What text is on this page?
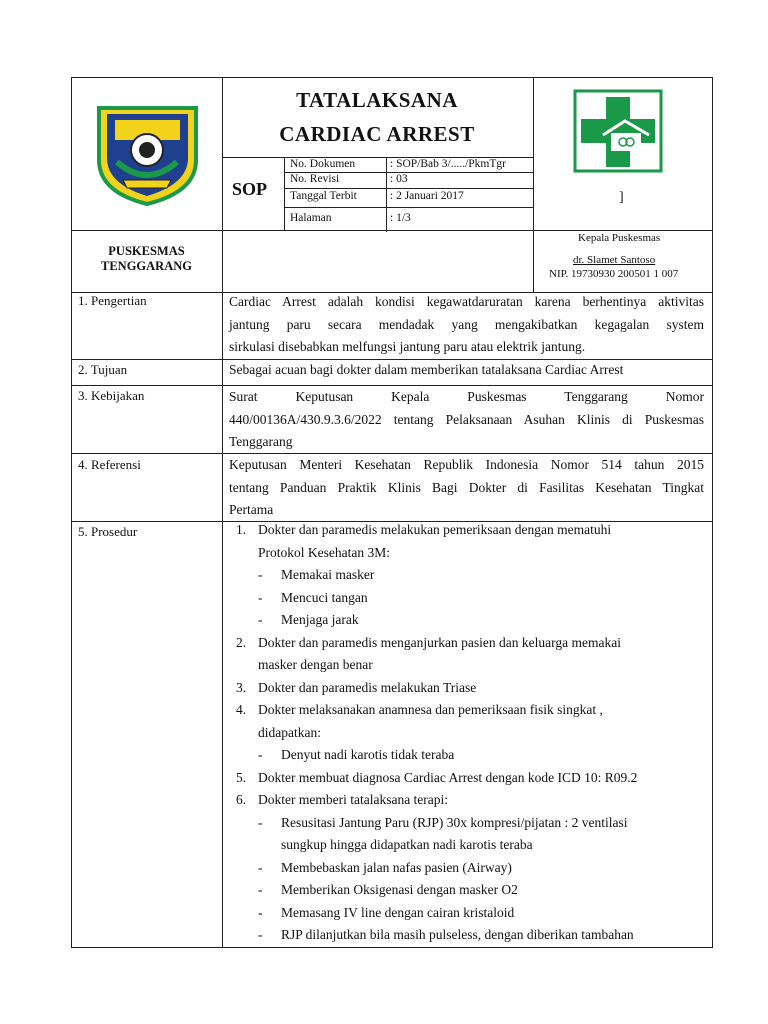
TATALAKSANA
CARDIAC ARREST
SOP
No. Dokumen	: SOP/Bab 3/...../PkmTgr
No. Revisi	: 03
Tanggal Terbit	: 2 Januari 2017
Halaman	: 1/3
]
PUSKESMAS
TENGGARANG
Kepala Puskesmas
dr. Slamet Santoso
NIP. 19730930 200501 1 007
1. Pengertian	Cardiac Arrest adalah kondisi kegawatdaruratan karena berhentinya aktivitas
jantung paru secara mendadak yang mengakibatkan kegagalan system
sirkulasi disebabkan melfungsi jantung paru atau elektrik jantung.
2. Tujuan	Sebagai acuan bagi dokter dalam memberikan tatalaksana Cardiac Arrest
3. Kebijakan	Surat Keputusan Kepala Puskesmas Tenggarang Nomor
440/00136A/430.9.3.6/2022 tentang Pelaksanaan Asuhan Klinis di Puskesmas
Tenggarang
4. Referensi	Keputusan Menteri Kesehatan Republik Indonesia Nomor 514 tahun 2015
tentang Panduan Praktik Klinis Bagi Dokter di Fasilitas Kesehatan Tingkat
Pertama
5. Prosedur	1. Dokter dan paramedis melakukan pemeriksaan dengan mematuhi
Protokol Kesehatan 3M:
- Memakai masker
- Mencuci tangan
- Menjaga jarak
2. Dokter dan paramedis menganjurkan pasien dan keluarga memakai
masker dengan benar
3. Dokter dan paramedis melakukan Triase
4. Dokter melaksanakan anamnesa dan pemeriksaan fisik singkat ,
didapatkan:
- Denyut nadi karotis tidak teraba
5. Dokter membuat diagnosa Cardiac Arrest dengan kode ICD 10: R09.2
6. Dokter memberi tatalaksana terapi:
- Resusitasi Jantung Paru (RJP) 30x kompresi/pijatan : 2 ventilasi
sungkup hingga didapatkan nadi karotis teraba
- Membebaskan jalan nafas pasien (Airway)
- Memberikan Oksigenasi dengan masker O2
- Memasang IV line dengan cairan kristaloid
- RJP dilanjutkan bila masih pulseless, dengan diberikan tambahan
